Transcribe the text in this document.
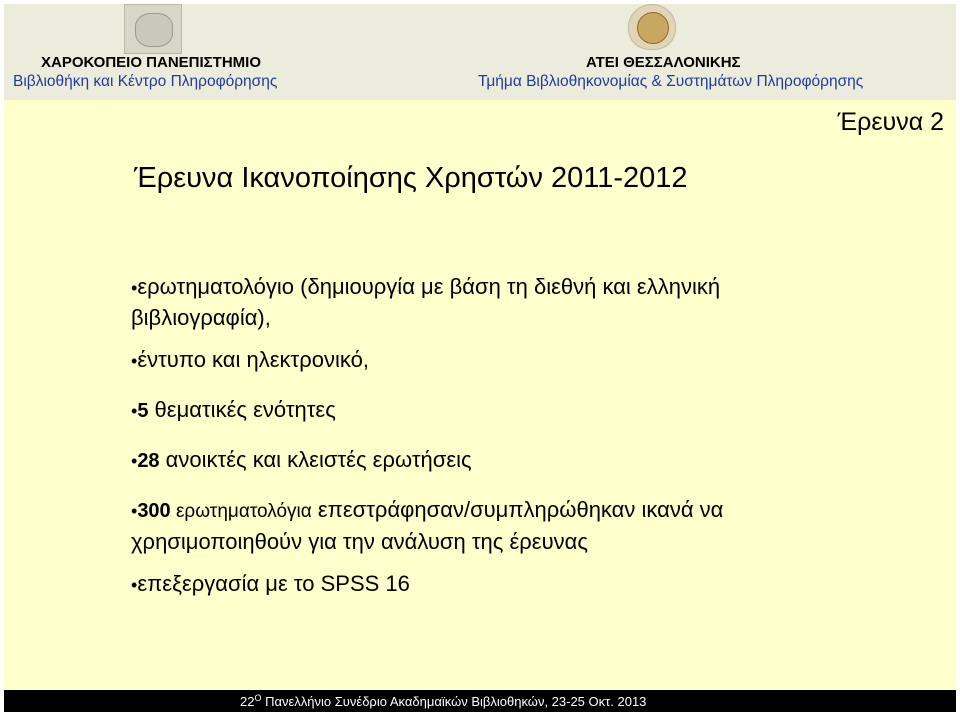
ΧΑΡΟΚΟΠΕΙΟ ΠΑΝΕΠΙΣΤΗΜΙΟ
Βιβλιοθήκη και Κέντρο Πληροφόρησης
ΑΤΕΙ ΘΕΣΣΑΛΟΝΙΚΗΣ
Τμήμα Βιβλιοθηκονομίας & Συστημάτων Πληροφόρησης
Έρευνα 2
Έρευνα Ικανοποίησης Χρηστών 2011-2012
•ερωτηματολόγιο (δημιουργία με βάση τη διεθνή και ελληνική βιβλιογραφία),
•έντυπο και ηλεκτρονικό,
•5 θεματικές ενότητες
•28 ανοικτές και κλειστές ερωτήσεις
•300 ερωτηματολόγια επεστράφησαν/συμπληρώθηκαν ικανά να χρησιμοποιηθούν για την ανάλυση της έρευνας
•επεξεργασία με το SPSS 16
$22^O$ Πανελλήνιο Συνέδριο Ακαδημαϊκών Βιβλιοθηκών, 23-25 Οκτ. 2013
